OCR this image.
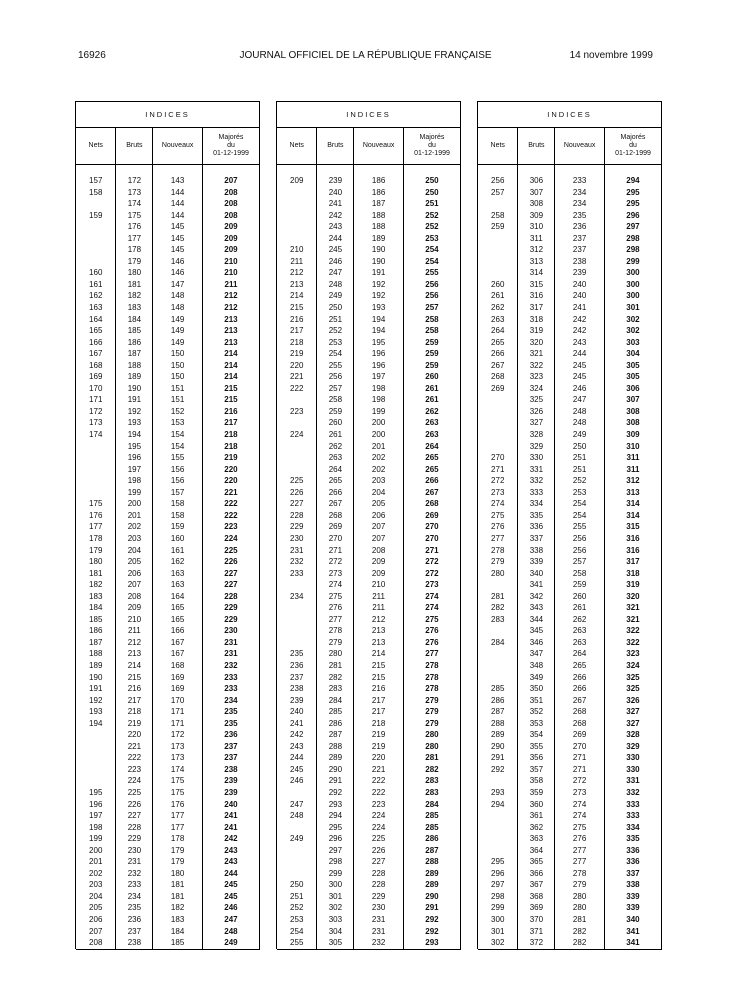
16926	JOURNAL OFFICIEL DE LA RÉPUBLIQUE FRANÇAISE	14 novembre 1999
INDICES			
Nets	Bruts	Nouveaux	Majorés
du
01-12-1999

157	172	143	207
158	173	144	208
	174	144	208
159	175	144	208
	176	145	209
	177	145	209
	178	145	209
	179	146	210
160	180	146	210
161	181	147	211
162	182	148	212
163	183	148	212
164	184	149	213
165	185	149	213
166	186	149	213
167	187	150	214
168	188	150	214
169	189	150	214
170	190	151	215
171	191	151	215
172	192	152	216
173	193	153	217
174	194	154	218
	195	154	218
	196	155	219
	197	156	220
	198	156	220
	199	157	221
175	200	158	222
176	201	158	222
177	202	159	223
178	203	160	224
179	204	161	225
180	205	162	226
181	206	163	227
182	207	163	227
183	208	164	228
184	209	165	229
185	210	165	229
186	211	166	230
187	212	167	231
188	213	167	231
189	214	168	232
190	215	169	233
191	216	169	233
192	217	170	234
193	218	171	235
194	219	171	235
	220	172	236
	221	173	237
	222	173	237
	223	174	238
	224	175	239
195	225	175	239
196	226	176	240
197	227	177	241
198	228	177	241
199	229	178	242
200	230	179	243
201	231	179	243
202	232	180	244
203	233	181	245
204	234	181	245
205	235	182	246
206	236	183	247
207	237	184	248
208	238	185	249

INDICES			
Nets	Bruts	Nouveaux	Majorés
du
01-12-1999

209	239	186	250
	240	186	250
	241	187	251
	242	188	252
	243	188	252
	244	189	253
210	245	190	254
211	246	190	254
212	247	191	255
213	248	192	256
214	249	192	256
215	250	193	257
216	251	194	258
217	252	194	258
218	253	195	259
219	254	196	259
220	255	196	259
221	256	197	260
222	257	198	261
	258	198	261
223	259	199	262
	260	200	263
224	261	200	263
	262	201	264
	263	202	265
	264	202	265
225	265	203	266
226	266	204	267
227	267	205	268
228	268	206	269
229	269	207	270
230	270	207	270
231	271	208	271
232	272	209	272
233	273	209	272
	274	210	273
234	275	211	274
	276	211	274
	277	212	275
	278	213	276
	279	213	276
235	280	214	277
236	281	215	278
237	282	215	278
238	283	216	278
239	284	217	279
240	285	217	279
241	286	218	279
242	287	219	280
243	288	219	280
244	289	220	281
245	290	221	282
246	291	222	283
	292	222	283
247	293	223	284
248	294	224	285
	295	224	285
249	296	225	286
	297	226	287
	298	227	288
	299	228	289
250	300	228	289
251	301	229	290
252	302	230	291
253	303	231	292
254	304	231	292
255	305	232	293

INDICES			
Nets	Bruts	Nouveaux	Majorés
du
01-12-1999

256	306	233	294
257	307	234	295
	308	234	295
258	309	235	296
259	310	236	297
	311	237	298
	312	237	298
	313	238	299
	314	239	300
260	315	240	300
261	316	240	300
262	317	241	301
263	318	242	302
264	319	242	302
265	320	243	303
266	321	244	304
267	322	245	305
268	323	245	305
269	324	246	306
	325	247	307
	326	248	308
	327	248	308
	328	249	309
	329	250	310
270	330	251	311
271	331	251	311
272	332	252	312
273	333	253	313
274	334	254	314
275	335	254	314
276	336	255	315
277	337	256	316
278	338	256	316
279	339	257	317
280	340	258	318
	341	259	319
281	342	260	320
282	343	261	321
283	344	262	321
	345	263	322
284	346	263	322
	347	264	323
	348	265	324
	349	266	325
285	350	266	325
286	351	267	326
287	352	268	327
288	353	268	327
289	354	269	328
290	355	270	329
291	356	271	330
292	357	271	330
	358	272	331
293	359	273	332
294	360	274	333
	361	274	333
	362	275	334
	363	276	335
	364	277	336
295	365	277	336
296	366	278	337
297	367	279	338
298	368	280	339
299	369	280	339
300	370	281	340
301	371	282	341
302	372	282	341
